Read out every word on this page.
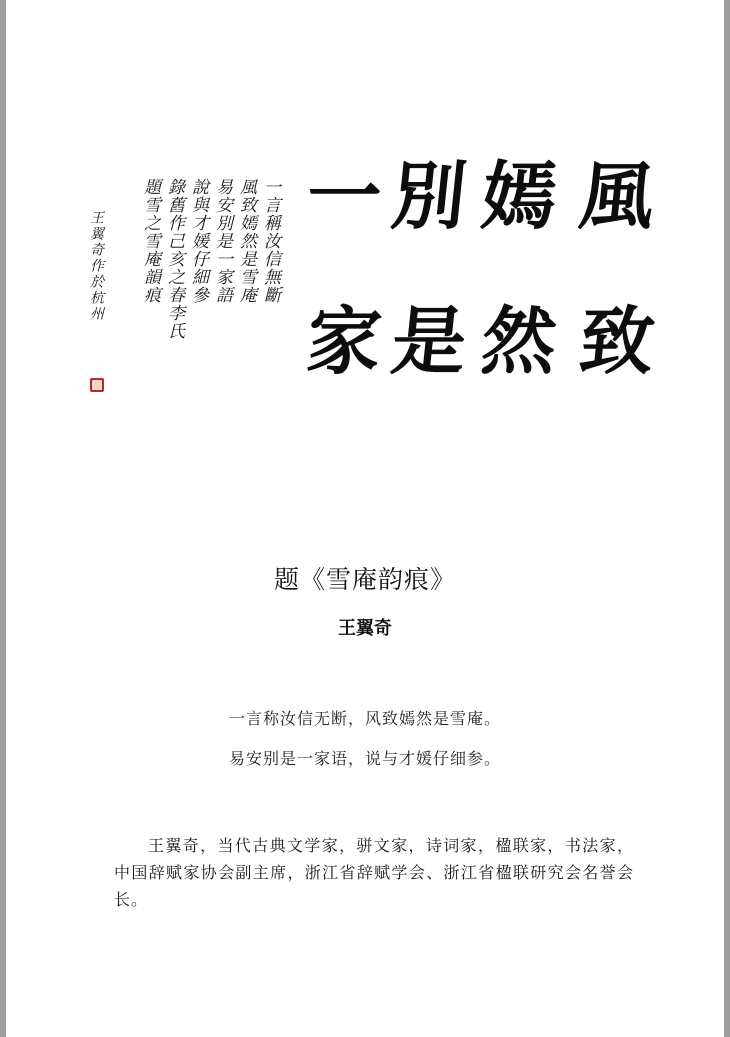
風
致
嫣
然
別
是
一
家
一言稱汝信無斷
風致嫣然是雪庵
易安別是一家語
說與才媛仔細參
錄舊作己亥之春李氏
題雪之雪庵韻痕
王翼奇作於杭州
题《雪庵韵痕》
王翼奇
一言称汝信无断，风致嫣然是雪庵。
易安别是一家语，说与才媛仔细参。
王翼奇，当代古典文学家，骈文家，诗词家，楹联家，书法家，中国辞赋家协会副主席，浙江省辞赋学会、浙江省楹联研究会名誉会长。
